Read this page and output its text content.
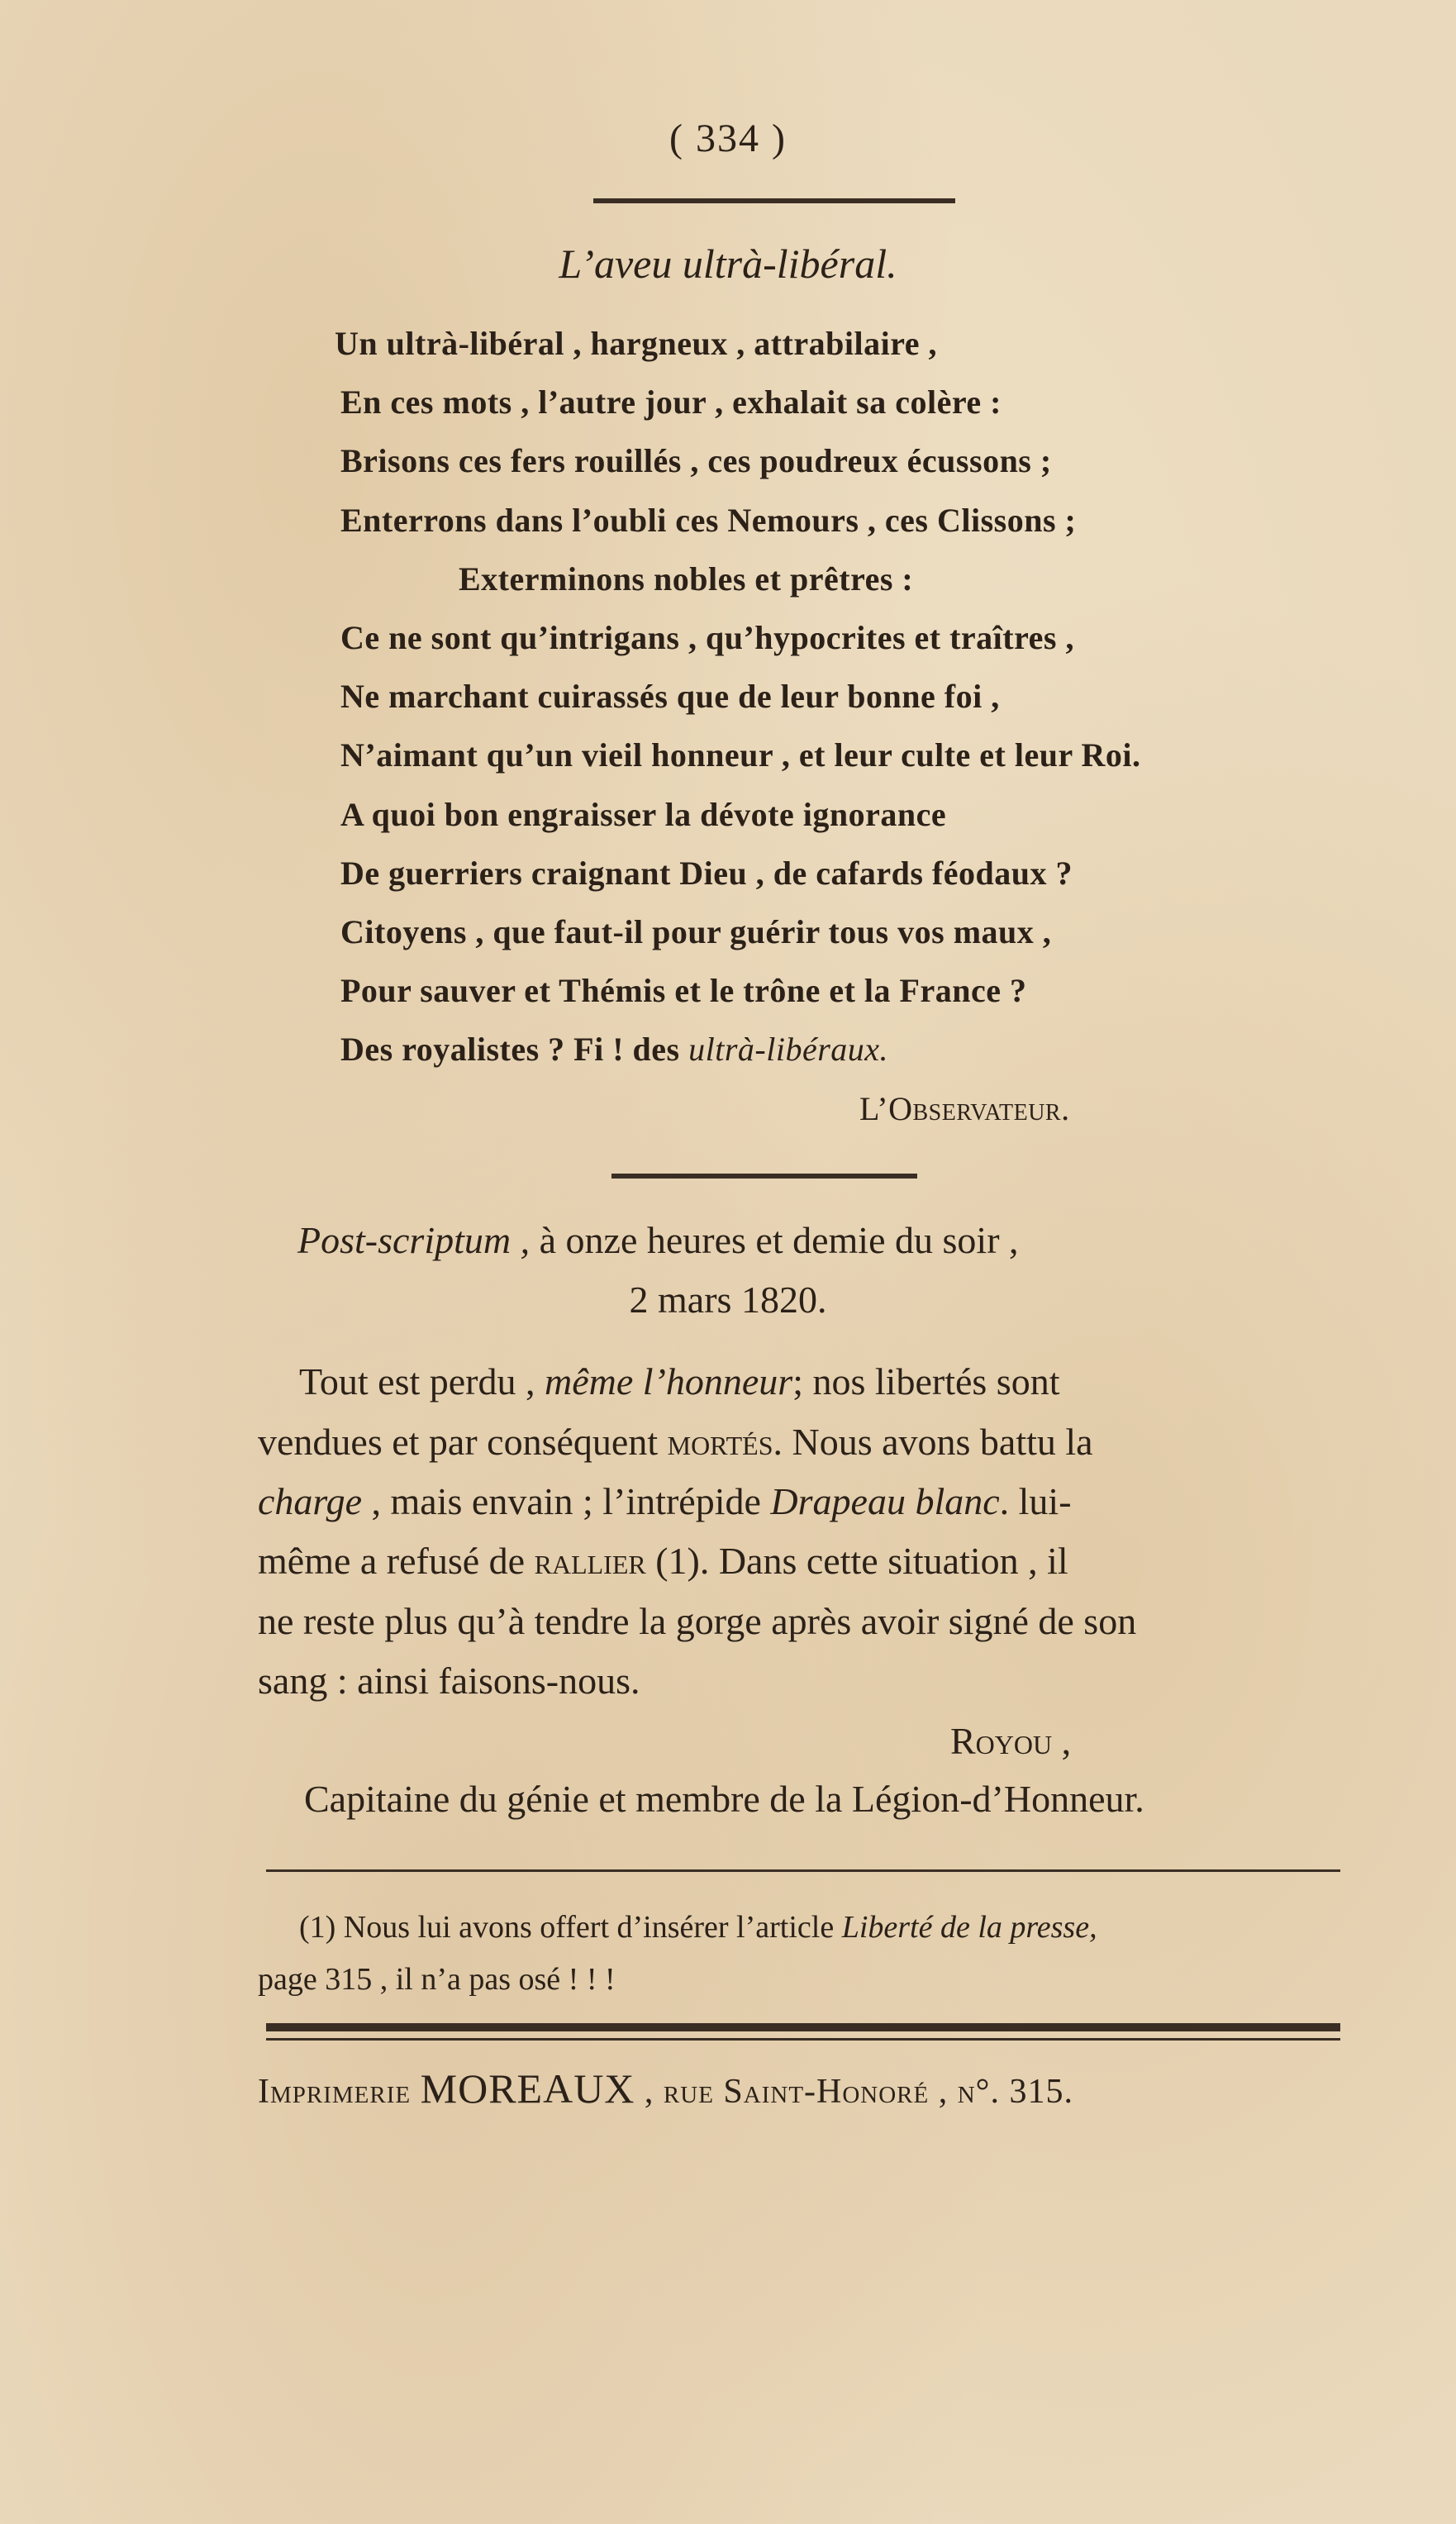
( 334 )
L’aveu ultrà-libéral.
Un ultrà-libéral , hargneux , attrabilaire ,
En ces mots , l’autre jour , exhalait sa colère :
Brisons ces fers rouillés , ces poudreux écussons ;
Enterrons dans l’oubli ces Nemours , ces Clissons ;
Exterminons nobles et prêtres :
Ce ne sont qu’intrigans , qu’hypocrites et traîtres ,
Ne marchant cuirassés que de leur bonne foi ,
N’aimant qu’un vieil honneur , et leur culte et leur Roi.
A quoi bon engraisser la dévote ignorance
De guerriers craignant Dieu , de cafards féodaux ?
Citoyens , que faut-il pour guérir tous vos maux ,
Pour sauver et Thémis et le trône et la France ?
Des royalistes ? Fi ! des ultrà-libéraux.
L’Observateur.
Post-scriptum , à onze heures et demie du soir ,
2 mars 1820.
Tout est perdu , même l’honneur; nos libertés sont
vendues et par conséquent mortés. Nous avons battu la
charge , mais envain ; l’intrépide Drapeau blanc. lui-
même a refusé de rallier (1). Dans cette situation , il
ne reste plus qu’à tendre la gorge après avoir signé de son
sang : ainsi faisons-nous.
Royou ,
Capitaine du génie et membre de la Légion-d’Honneur.
(1) Nous lui avons offert d’insérer l’article Liberté de la presse,
page 315 , il n’a pas osé ! ! !
Imprimerie MOREAUX , rue Saint-Honoré , n°. 315.
